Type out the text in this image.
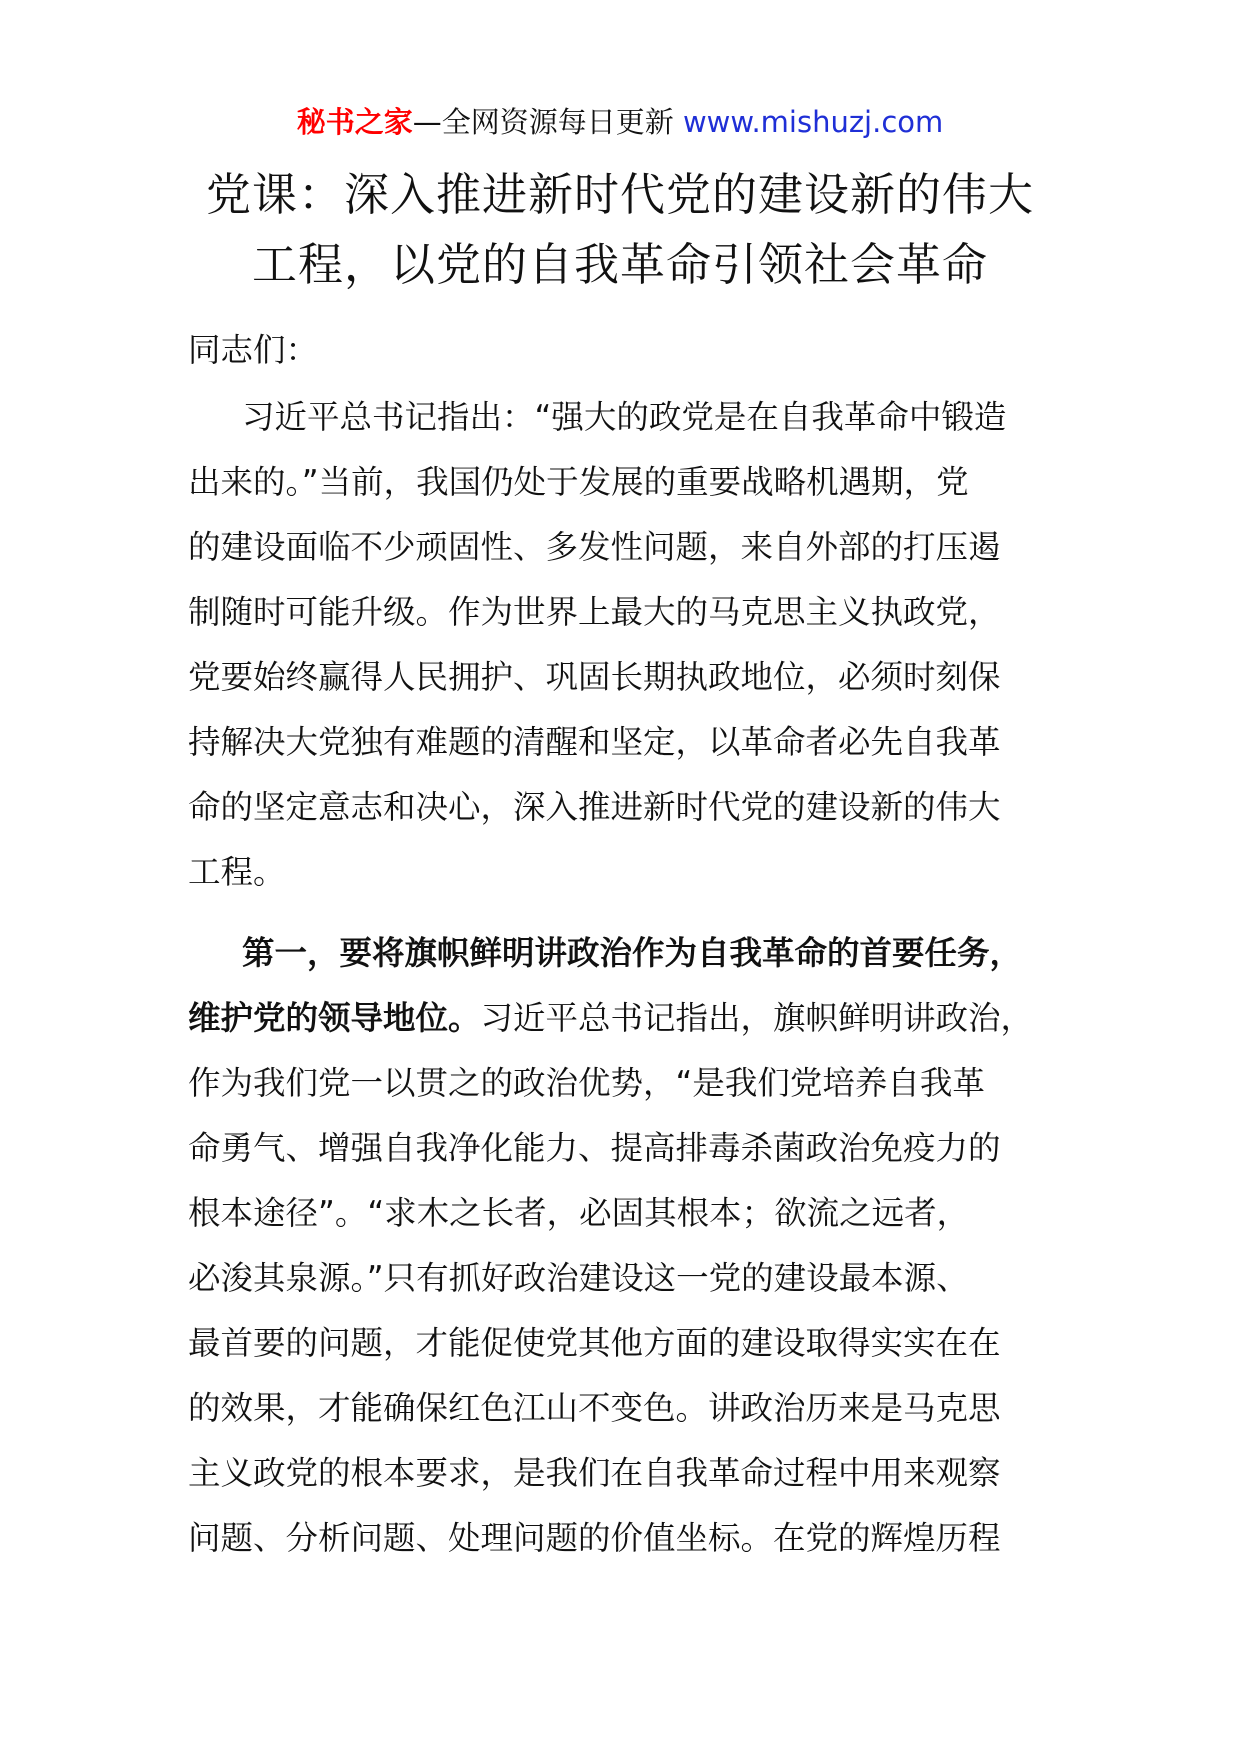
秘书之家—全网资源每日更新 www.mishuzj.com
党课：深入推进新时代党的建设新的伟大
工程，以党的自我革命引领社会革命

同志们：

习近平总书记指出：“强大的政党是在自我革命中锻造
出来的。”当前，我国仍处于发展的重要战略机遇期，党
的建设面临不少顽固性、多发性问题，来自外部的打压遏
制随时可能升级。作为世界上最大的马克思主义执政党，
党要始终赢得人民拥护、巩固长期执政地位，必须时刻保
持解决大党独有难题的清醒和坚定，以革命者必先自我革
命的坚定意志和决心，深入推进新时代党的建设新的伟大
工程。

第一，要将旗帜鲜明讲政治作为自我革命的首要任务，
维护党的领导地位。习近平总书记指出，旗帜鲜明讲政治，
作为我们党一以贯之的政治优势，“是我们党培养自我革
命勇气、增强自我净化能力、提高排毒杀菌政治免疫力的
根本途径”。“求木之长者，必固其根本；欲流之远者，
必浚其泉源。”只有抓好政治建设这一党的建设最本源、
最首要的问题，才能促使党其他方面的建设取得实实在在
的效果，才能确保红色江山不变色。讲政治历来是马克思
主义政党的根本要求，是我们在自我革命过程中用来观察
问题、分析问题、处理问题的价值坐标。在党的辉煌历程
